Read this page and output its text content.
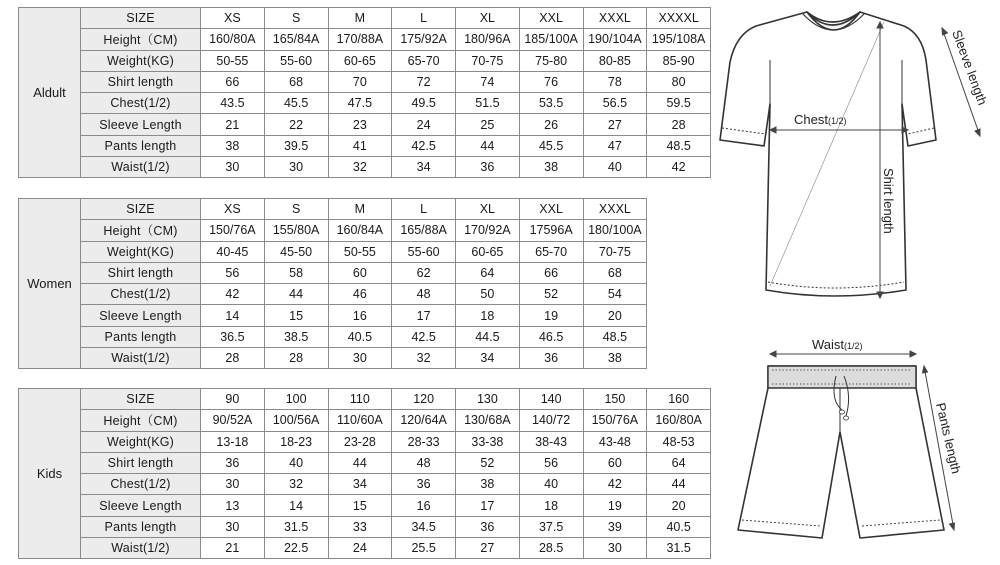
Aldult	SIZE	XS	S	M	L	XL	XXL	XXXL	XXXXL
	Height（CM)	160/80A	165/84A	170/88A	175/92A	180/96A	185/100A	190/104A	195/108A
	Weight(KG)	50-55	55-60	60-65	65-70	70-75	75-80	80-85	85-90
	Shirt length	66	68	70	72	74	76	78	80
	Chest(1/2)	43.5	45.5	47.5	49.5	51.5	53.5	56.5	59.5
	Sleeve Length	21	22	23	24	25	26	27	28
	Pants length	38	39.5	41	42.5	44	45.5	47	48.5
	Waist(1/2)	30	30	32	34	36	38	40	42
Women	SIZE	XS	S	M	L	XL	XXL	XXXL	
	Height（CM)	150/76A	155/80A	160/84A	165/88A	170/92A	17596A	180/100A	
	Weight(KG)	40-45	45-50	50-55	55-60	60-65	65-70	70-75	
	Shirt length	56	58	60	62	64	66	68	
	Chest(1/2)	42	44	46	48	50	52	54	
	Sleeve Length	14	15	16	17	18	19	20	
	Pants length	36.5	38.5	40.5	42.5	44.5	46.5	48.5	
	Waist(1/2)	28	28	30	32	34	36	38	
Kids	SIZE	90	100	110	120	130	140	150	160
	Height（CM)	90/52A	100/56A	110/60A	120/64A	130/68A	140/72	150/76A	160/80A
	Weight(KG)	13-18	18-23	23-28	28-33	33-38	38-43	43-48	48-53
	Shirt length	36	40	44	48	52	56	60	64
	Chest(1/2)	30	32	34	36	38	40	42	44
	Sleeve Length	13	14	15	16	17	18	19	20
	Pants length	30	31.5	33	34.5	36	37.5	39	40.5
	Waist(1/2)	21	22.5	24	25.5	27	28.5	30	31.5
Chest(1/2)
Shirt length
Sleeve length
Waist(1/2)
Pants length
